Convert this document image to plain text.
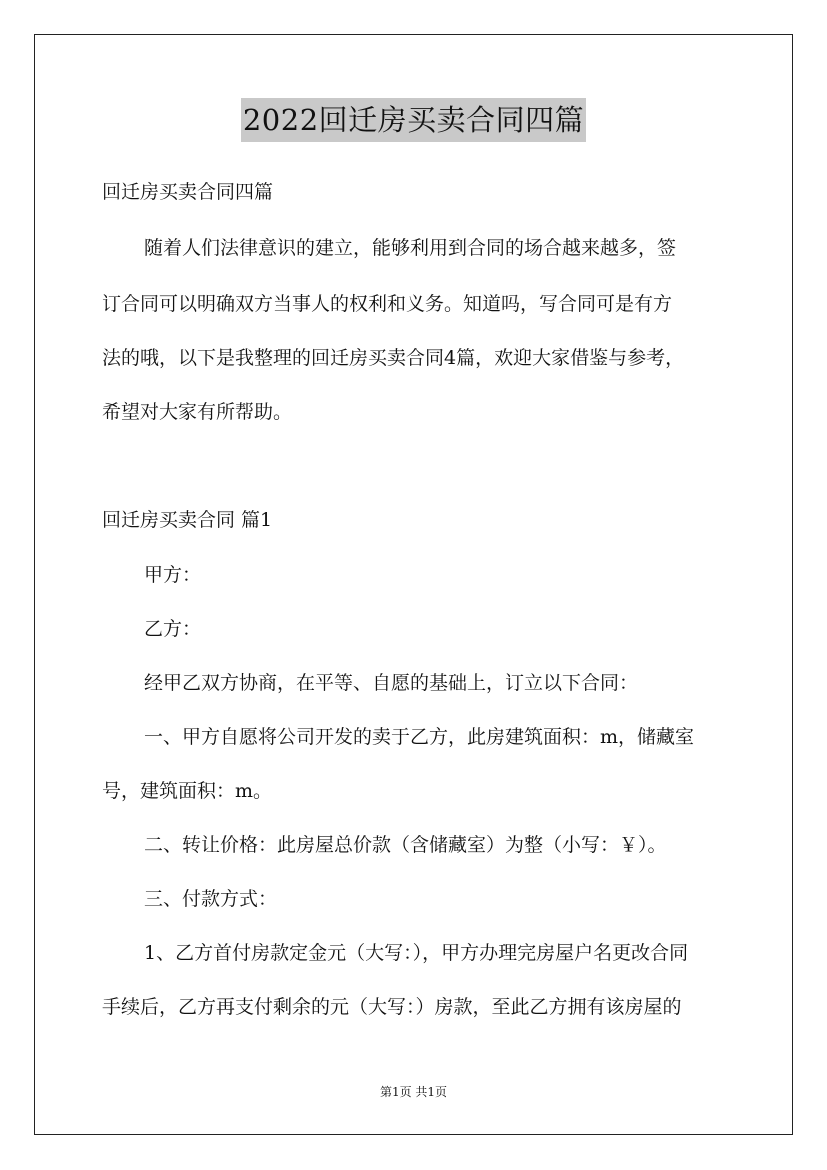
2022回迁房买卖合同四篇
回迁房买卖合同四篇
随着人们法律意识的建立，能够利用到合同的场合越来越多，签
订合同可以明确双方当事人的权利和义务。知道吗，写合同可是有方
法的哦，以下是我整理的回迁房买卖合同4篇，欢迎大家借鉴与参考，
希望对大家有所帮助。
回迁房买卖合同 篇1
甲方：
乙方：
经甲乙双方协商，在平等、自愿的基础上，订立以下合同：
一、甲方自愿将公司开发的卖于乙方，此房建筑面积：m，储藏室
号，建筑面积：m。
二、转让价格：此房屋总价款（含储藏室）为整（小写：￥）。
三、付款方式：
1、乙方首付房款定金元（大写：），甲方办理完房屋户名更改合同
手续后，乙方再支付剩余的元（大写：）房款，至此乙方拥有该房屋的
第1页 共1页
